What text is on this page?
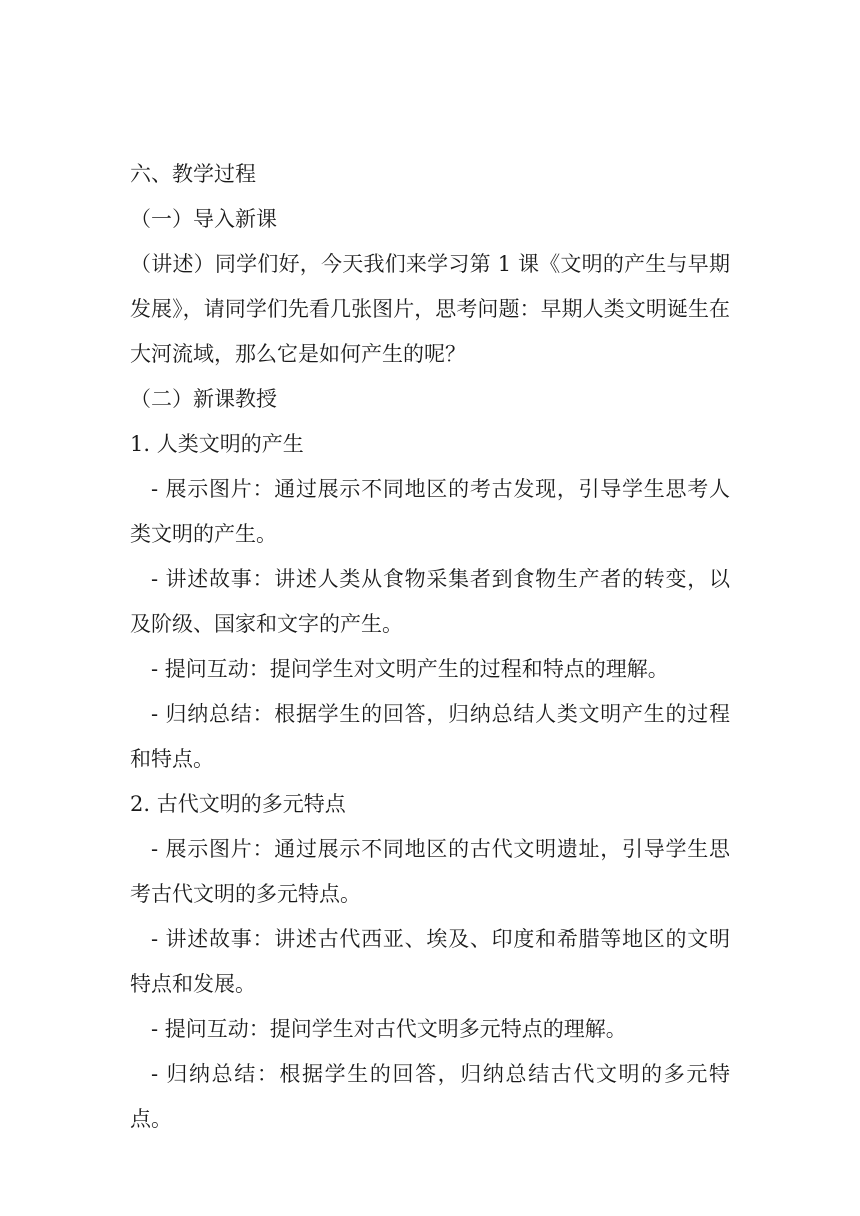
六、教学过程

（一）导入新课

（讲述）同学们好，今天我们来学习第 1 课《文明的产生与早期发展》，请同学们先看几张图片，思考问题：早期人类文明诞生在大河流域，那么它是如何产生的呢？

（二）新课教授

1. 人类文明的产生

- 展示图片：通过展示不同地区的考古发现，引导学生思考人类文明的产生。

- 讲述故事：讲述人类从食物采集者到食物生产者的转变，以及阶级、国家和文字的产生。

- 提问互动：提问学生对文明产生的过程和特点的理解。

- 归纳总结：根据学生的回答，归纳总结人类文明产生的过程和特点。

2. 古代文明的多元特点

- 展示图片：通过展示不同地区的古代文明遗址，引导学生思考古代文明的多元特点。

- 讲述故事：讲述古代西亚、埃及、印度和希腊等地区的文明特点和发展。

- 提问互动：提问学生对古代文明多元特点的理解。

- 归纳总结：根据学生的回答，归纳总结古代文明的多元特点。
